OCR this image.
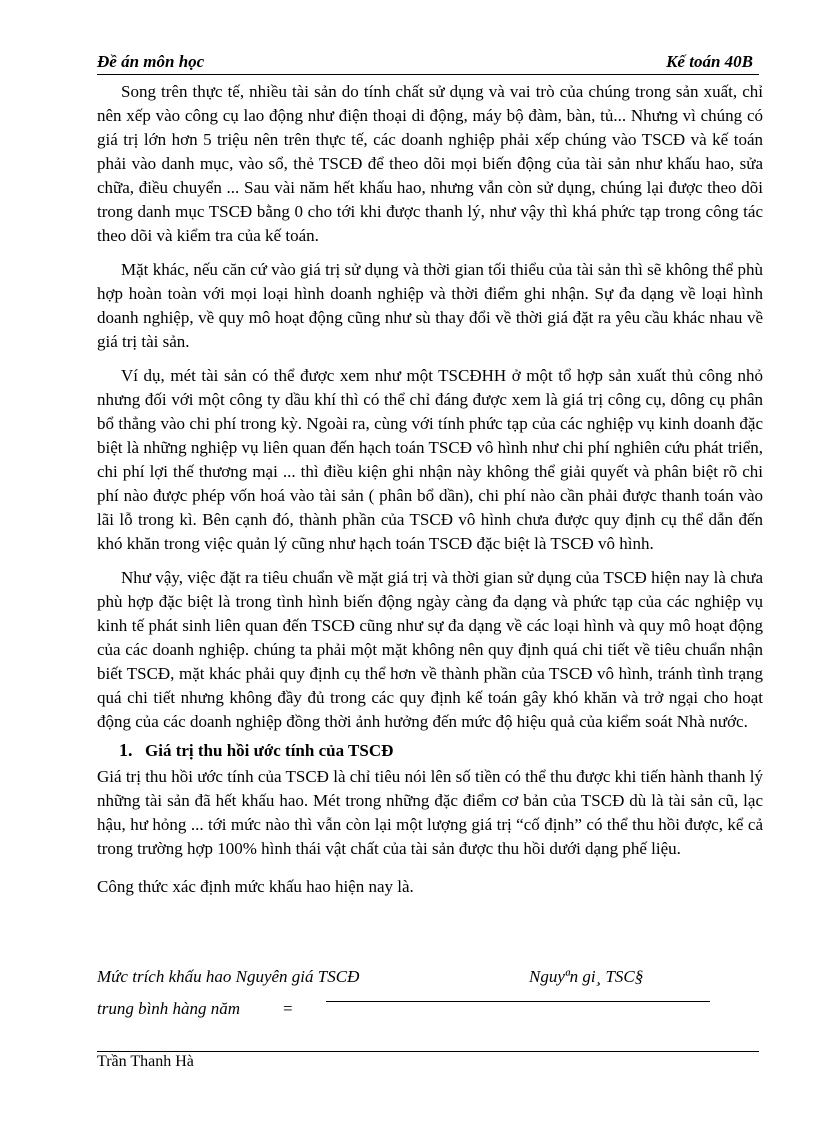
Đề án môn học	Kế toán 40B

Song trên thực tế, nhiều tài sản do tính chất sử dụng và vai trò của chúng trong sản xuất, chỉ nên xếp vào công cụ lao động như điện thoại di động, máy bộ đàm, bàn, tủ... Nhưng vì chúng có giá trị lớn hơn 5 triệu nên trên thực tế, các doanh nghiệp phải xếp chúng vào TSCĐ và kế toán phải vào danh mục, vào sổ, thẻ TSCĐ để theo dõi mọi biến động của tài sản như khấu hao, sửa chữa, điều chuyển ... Sau vài năm hết khấu hao, nhưng vẫn còn sử dụng, chúng lại được theo dõi trong danh mục TSCĐ bằng 0 cho tới khi được thanh lý, như vậy thì khá phức tạp trong công tác theo dõi và kiểm tra của kế toán.

Mặt khác, nếu căn cứ vào giá trị sử dụng và thời gian tối thiểu của tài sản thì sẽ không thể phù hợp hoàn toàn với mọi loại hình doanh nghiệp và thời điểm ghi nhận. Sự đa dạng về loại hình doanh nghiệp, về quy mô hoạt động cũng như sù thay đổi về thời giá đặt ra yêu cầu khác nhau về giá trị tài sản.

Ví dụ, mét tài sản có thể được xem như một TSCĐHH ở một tổ hợp sản xuất thủ công nhỏ nhưng đối với một công ty dầu khí thì có thể chỉ đáng được xem là giá trị công cụ, dông cụ phân bổ thẳng vào chi phí trong kỳ. Ngoài ra, cùng với tính phức tạp của các nghiệp vụ kinh doanh đặc biệt là những nghiệp vụ liên quan đến hạch toán TSCĐ vô hình như chi phí nghiên cứu phát triển, chi phí lợi thế thương mại ... thì điều kiện ghi nhận này không thể giải quyết và phân biệt rõ chi phí nào được phép vốn hoá vào tài sản ( phân bổ dần), chi phí nào cần phải được thanh toán vào lãi lỗ trong kì. Bên cạnh đó, thành phần của TSCĐ vô hình chưa được quy định cụ thể dẫn đến khó khăn trong việc quản lý cũng như hạch toán TSCĐ đặc biệt là TSCĐ vô hình.

Như vậy, việc đặt ra tiêu chuẩn về mặt giá trị và thời gian sử dụng của TSCĐ hiện nay là chưa phù hợp đặc biệt là trong tình hình biến động ngày càng đa dạng và phức tạp của các nghiệp vụ kinh tế phát sinh liên quan đến TSCĐ cũng như sự đa dạng về các loại hình và quy mô hoạt động của các doanh nghiệp. chúng ta phải một mặt không nên quy định quá chi tiết về tiêu chuẩn nhận biết TSCĐ, mặt khác phải quy định cụ thể hơn về thành phần của TSCĐ vô hình, tránh tình trạng quá chi tiết nhưng không đầy đủ trong các quy định kế toán gây khó khăn và trở ngại cho hoạt động của các doanh nghiệp đồng thời ảnh hưởng đến mức độ hiệu quả của kiểm soát Nhà nước.

1. Giá trị thu hồi ước tính của TSCĐ

Giá trị thu hồi ước tính của TSCĐ là chỉ tiêu nói lên số tiền có thể thu được khi tiến hành thanh lý những tài sản đã hết khấu hao. Mét trong những đặc điểm cơ bản của TSCĐ dù là tài sản cũ, lạc hậu, hư hỏng ... tới mức nào thì vẫn còn lại một lượng giá trị “cố định” có thể thu hồi được, kể cả trong trường hợp 100% hình thái vật chất của tài sản được thu hồi dưới dạng phế liệu.

Công thức xác định mức khấu hao hiện nay là.

Mức trích khấu hao Nguyên giá TSCĐ	Nguyªn gi¸ TSC§
trung bình hàng năm	=
Trần Thanh Hà
